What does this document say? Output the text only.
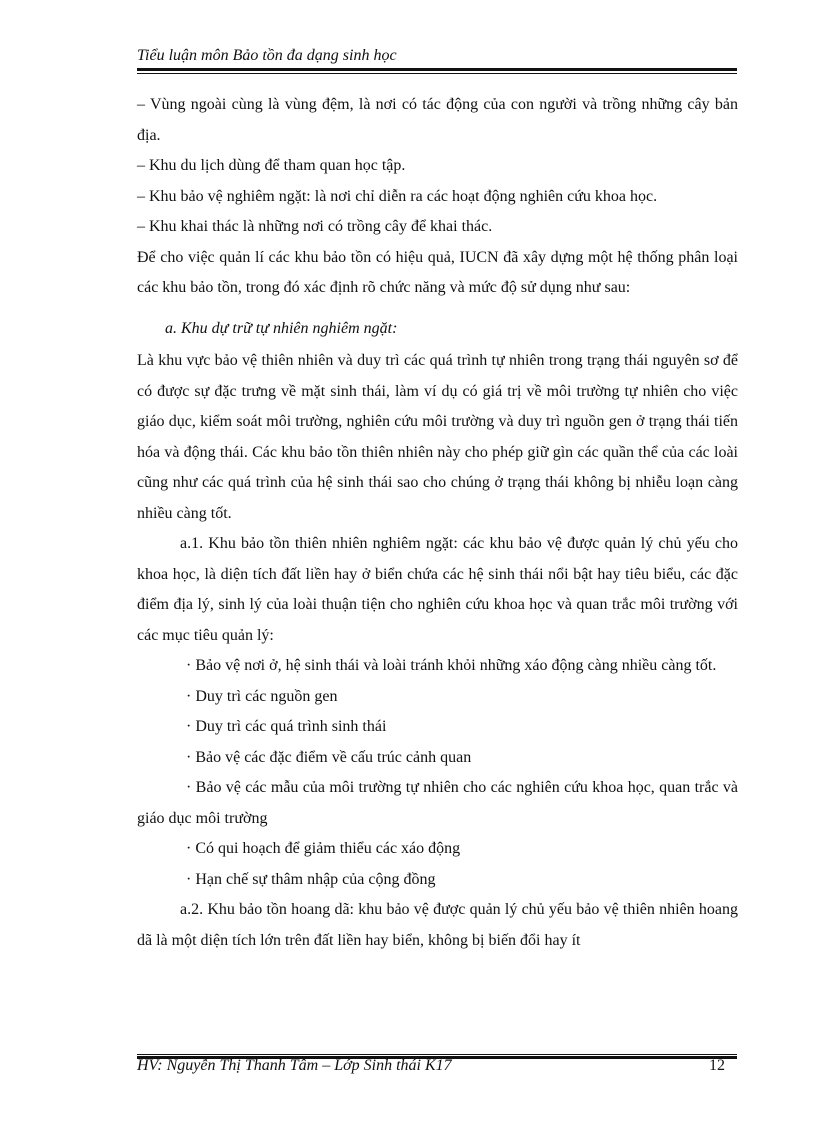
Tiểu luận môn Bảo tồn đa dạng sinh học

– Vùng ngoài cùng là vùng đệm, là nơi có tác động của con người và trồng những cây bản địa.

– Khu du lịch dùng để tham quan học tập.

– Khu bảo vệ nghiêm ngặt: là nơi chỉ diễn ra các hoạt động nghiên cứu khoa học.

– Khu khai thác là những nơi có trồng cây để khai thác.

Để cho việc quản lí các khu bảo tồn có hiệu quả, IUCN đã xây dựng một hệ thống phân loại các khu bảo tồn, trong đó xác định rõ chức năng và mức độ sử dụng như sau:

a. Khu dự trữ tự nhiên nghiêm ngặt:

Là khu vực bảo vệ thiên nhiên và duy trì các quá trình tự nhiên trong trạng thái nguyên sơ để có được sự đặc trưng về mặt sinh thái, làm ví dụ có giá trị về môi trường tự nhiên cho việc giáo dục, kiểm soát môi trường, nghiên cứu môi trường và duy trì nguồn gen ở trạng thái tiến hóa và động thái. Các khu bảo tồn thiên nhiên này cho phép giữ gìn các quần thể của các loài cũng như các quá trình của hệ sinh thái sao cho chúng ở trạng thái không bị nhiễu loạn càng nhiều càng tốt.

a.1. Khu bảo tồn thiên nhiên nghiêm ngặt: các khu bảo vệ được quản lý chủ yếu cho khoa học, là diện tích đất liền hay ở biển chứa các hệ sinh thái nổi bật hay tiêu biểu, các đặc điểm địa lý, sinh lý của loài thuận tiện cho nghiên cứu khoa học và quan trắc môi trường với các mục tiêu quản lý:

· Bảo vệ nơi ở, hệ sinh thái và loài tránh khỏi những xáo động càng nhiều càng tốt.

· Duy trì các nguồn gen

· Duy trì các quá trình sinh thái

· Bảo vệ các đặc điểm về cấu trúc cảnh quan

· Bảo vệ các mẫu của môi trường tự nhiên cho các nghiên cứu khoa học, quan trắc và giáo dục môi trường

· Có qui hoạch để giảm thiểu các xáo động

· Hạn chế sự thâm nhập của cộng đồng

a.2. Khu bảo tồn hoang dã: khu bảo vệ được quản lý chủ yếu bảo vệ thiên nhiên hoang dã là một diện tích lớn trên đất liền hay biển, không bị biến đổi hay ít

HV: Nguyễn Thị Thanh Tâm – Lớp Sinh thái K17	12
